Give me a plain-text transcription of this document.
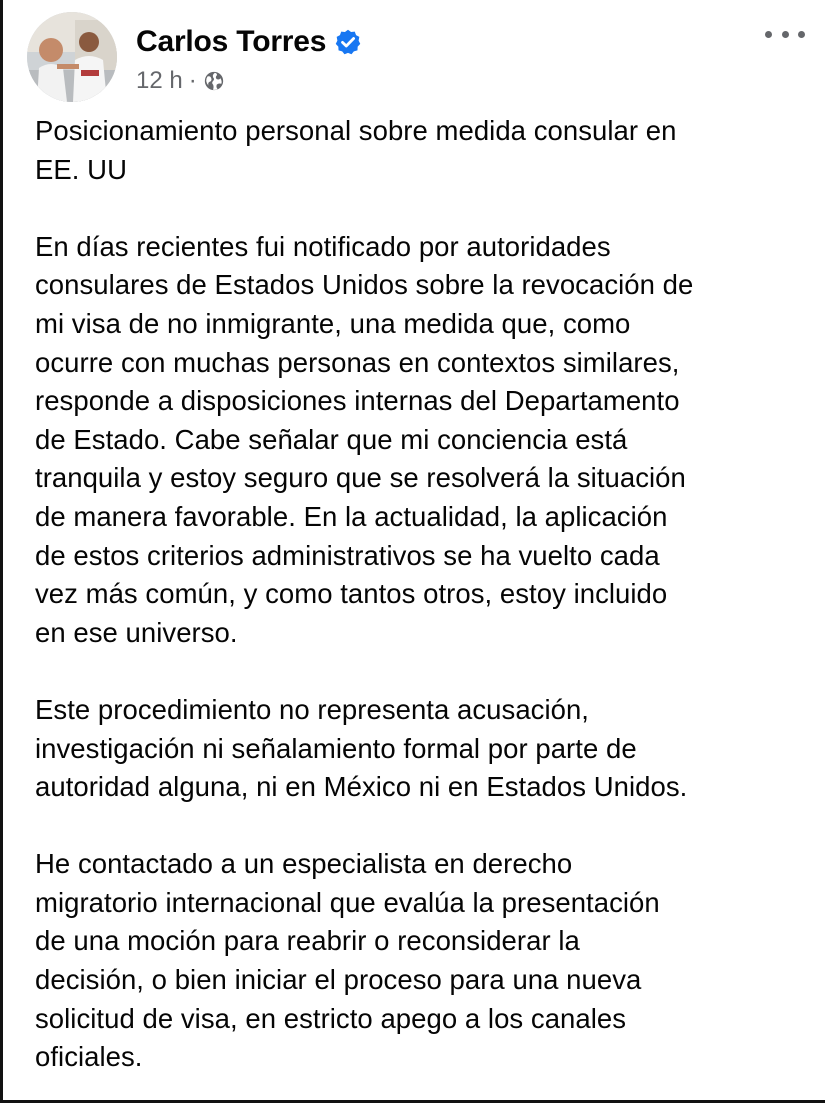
Carlos Torres
12 h ·

Posicionamiento personal sobre medida consular en
EE. UU

En días recientes fui notificado por autoridades
consulares de Estados Unidos sobre la revocación de
mi visa de no inmigrante, una medida que, como
ocurre con muchas personas en contextos similares,
responde a disposiciones internas del Departamento
de Estado. Cabe señalar que mi conciencia está
tranquila y estoy seguro que se resolverá la situación
de manera favorable. En la actualidad, la aplicación
de estos criterios administrativos se ha vuelto cada
vez más común, y como tantos otros, estoy incluido
en ese universo.

Este procedimiento no representa acusación,
investigación ni señalamiento formal por parte de
autoridad alguna, ni en México ni en Estados Unidos.

He contactado a un especialista en derecho
migratorio internacional que evalúa la presentación
de una moción para reabrir o reconsiderar la
decisión, o bien iniciar el proceso para una nueva
solicitud de visa, en estricto apego a los canales
oficiales.
